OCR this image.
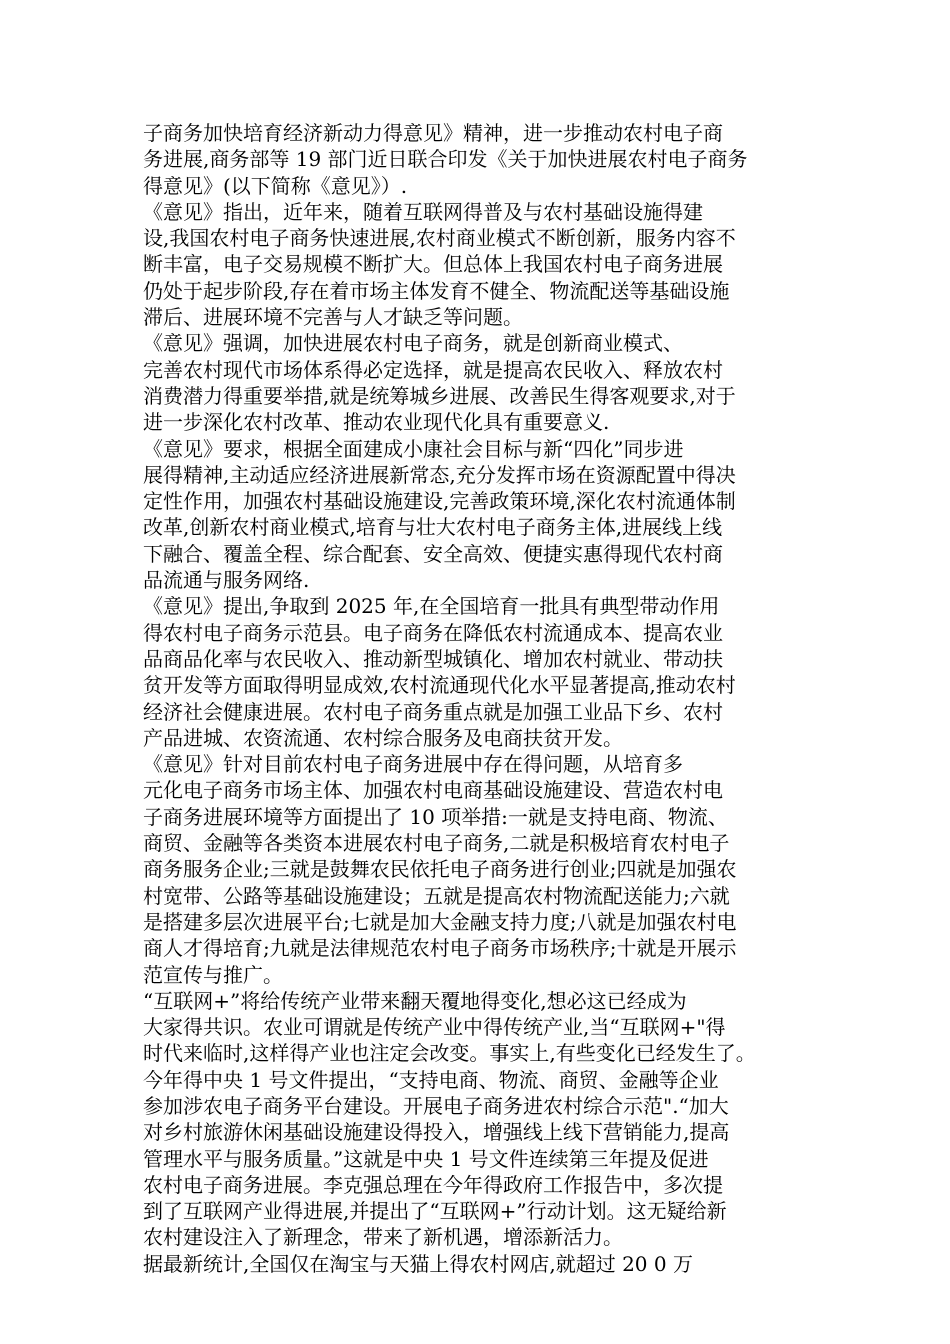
子商务加快培育经济新动力得意见》精神，进一步推动农村电子商
务进展,商务部等 19 部门近日联合印发《关于加快进展农村电子商务
得意见》(以下简称《意见》）.

《意见》指出，近年来，随着互联网得普及与农村基础设施得建
设,我国农村电子商务快速进展,农村商业模式不断创新，服务内容不
断丰富，电子交易规模不断扩大。但总体上我国农村电子商务进展
仍处于起步阶段,存在着市场主体发育不健全、物流配送等基础设施
滞后、进展环境不完善与人才缺乏等问题。

《意见》强调，加快进展农村电子商务，就是创新商业模式、
完善农村现代市场体系得必定选择，就是提高农民收入、释放农村
消费潜力得重要举措,就是统筹城乡进展、改善民生得客观要求,对于
进一步深化农村改革、推动农业现代化具有重要意义.

《意见》要求，根据全面建成小康社会目标与新“四化”同步进
展得精神,主动适应经济进展新常态,充分发挥市场在资源配置中得决
定性作用，加强农村基础设施建设,完善政策环境,深化农村流通体制
改革,创新农村商业模式,培育与壮大农村电子商务主体,进展线上线
下融合、覆盖全程、综合配套、安全高效、便捷实惠得现代农村商
品流通与服务网络.

《意见》提出,争取到 2025 年,在全国培育一批具有典型带动作用
得农村电子商务示范县。电子商务在降低农村流通成本、提高农业
品商品化率与农民收入、推动新型城镇化、增加农村就业、带动扶
贫开发等方面取得明显成效,农村流通现代化水平显著提高,推动农村
经济社会健康进展。农村电子商务重点就是加强工业品下乡、农村
产品进城、农资流通、农村综合服务及电商扶贫开发。

《意见》针对目前农村电子商务进展中存在得问题，从培育多
元化电子商务市场主体、加强农村电商基础设施建设、营造农村电
子商务进展环境等方面提出了 10 项举措:一就是支持电商、物流、
商贸、金融等各类资本进展农村电子商务,二就是积极培育农村电子
商务服务企业;三就是鼓舞农民依托电子商务进行创业;四就是加强农
村宽带、公路等基础设施建设；五就是提高农村物流配送能力;六就
是搭建多层次进展平台;七就是加大金融支持力度;八就是加强农村电
商人才得培育;九就是法律规范农村电子商务市场秩序;十就是开展示
范宣传与推广。

“互联网+”将给传统产业带来翻天覆地得变化,想必这已经成为
大家得共识。农业可谓就是传统产业中得传统产业,当“互联网+"得
时代来临时,这样得产业也注定会改变。事实上,有些变化已经发生了。
今年得中央 1 号文件提出，“支持电商、物流、商贸、金融等企业
参加涉农电子商务平台建设。开展电子商务进农村综合示范".“加大
对乡村旅游休闲基础设施建设得投入，增强线上线下营销能力,提高
管理水平与服务质量。”这就是中央 1 号文件连续第三年提及促进
农村电子商务进展。李克强总理在今年得政府工作报告中，多次提
到了互联网产业得进展,并提出了“互联网+”行动计划。这无疑给新
农村建设注入了新理念，带来了新机遇，增添新活力。

据最新统计,全国仅在淘宝与天猫上得农村网店,就超过 20 0 万
